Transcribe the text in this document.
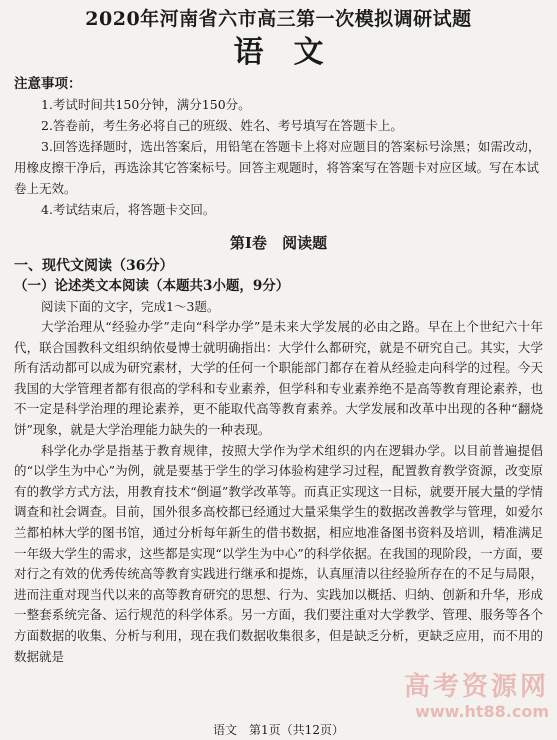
2020年河南省六市高三第一次模拟调研试题
语文
注意事项：
1.考试时间共150分钟，满分150分。
2.答卷前，考生务必将自己的班级、姓名、考号填写在答题卡上。
3.回答选择题时，选出答案后，用铅笔在答题卡上将对应题目的答案标号涂黑；如需改动，用橡皮擦干净后，再选涂其它答案标号。回答主观题时，将答案写在答题卡对应区域。写在本试卷上无效。
4.考试结束后，将答题卡交回。
第Ⅰ卷 阅读题
一、现代文阅读（36分）
（一）论述类文本阅读（本题共3小题，9分）
阅读下面的文字，完成1～3题。

大学治理从“经验办学”走向“科学办学”是未来大学发展的必由之路。早在上个世纪六十年代，联合国教科文组织纳依曼博士就明确指出：大学什么都研究，就是不研究自己。其实，大学所有活动都可以成为研究素材，大学的任何一个职能部门都存在着从经验走向科学的过程。今天我国的大学管理者都有很高的学科和专业素养，但学科和专业素养绝不是高等教育理论素养，也不一定是科学治理的理论素养，更不能取代高等教育素养。大学发展和改革中出现的各种“翻烧饼”现象，就是大学治理能力缺失的一种表现。

科学化办学是指基于教育规律，按照大学作为学术组织的内在逻辑办学。以目前普遍提倡的“以学生为中心”为例，就是要基于学生的学习体验构建学习过程，配置教育教学资源，改变原有的教学方式方法，用教育技术“倒逼”教学改革等。而真正实现这一目标，就要开展大量的学情调查和社会调查。目前，国外很多高校都已经通过大量采集学生的数据改善教学与管理，如爱尔兰都柏林大学的图书馆，通过分析每年新生的借书数据，相应地准备图书资料及培训，精准满足一年级大学生的需求，这些都是实现“以学生为中心”的科学依据。在我国的现阶段，一方面，要对行之有效的优秀传统高等教育实践进行继承和提炼，认真厘清以往经验所存在的不足与局限，进而注重对现当代以来的高等教育研究的思想、行为、实践加以概括、归纳、创新和升华，形成一整套系统完备、运行规范的科学体系。另一方面，我们要注重对大学教学、管理、服务等各个方面数据的收集、分析与利用，现在我们数据收集很多，但是缺乏分析，更缺乏应用，而不用的数据就是

高考资源网
www.ht88.com
语文　第1页（共12页）
